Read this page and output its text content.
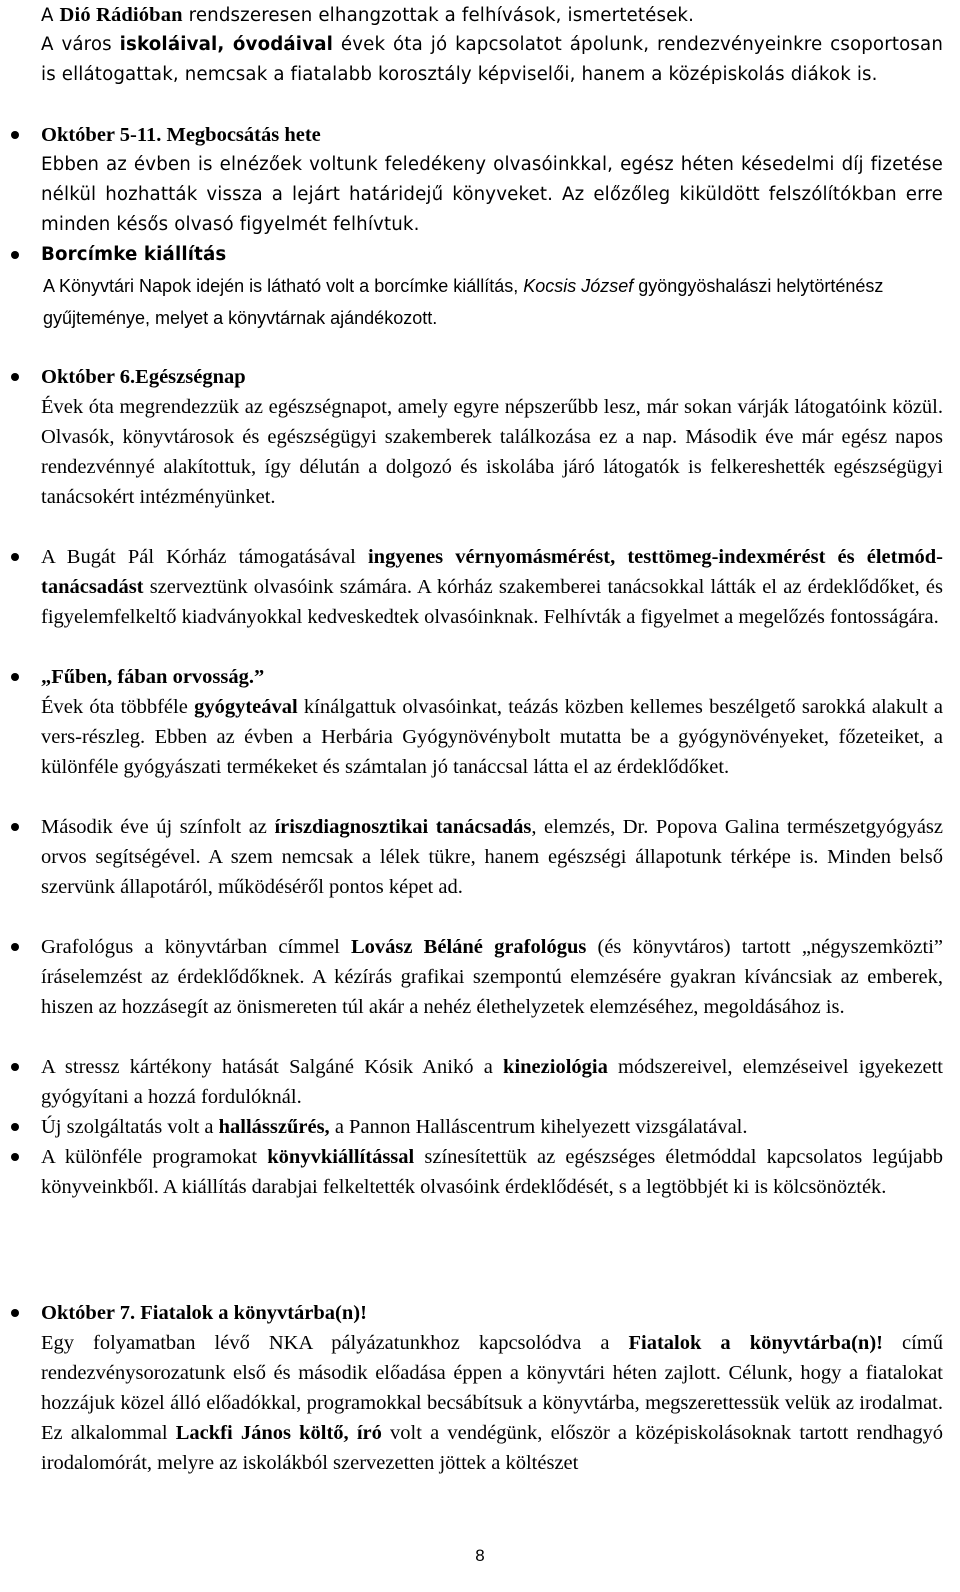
A Dió Rádióban rendszeresen elhangzottak a felhívások, ismertetések.

A város iskoláival, óvodáival évek óta jó kapcsolatot ápolunk, rendezvényeinkre csoportosan is ellátogattak, nemcsak a fiatalabb korosztály képviselői, hanem a középiskolás diákok is.

Október 5-11. Megbocsátás hete

Ebben az évben is elnézőek voltunk feledékeny olvasóinkkal, egész héten késedelmi díj fizetése nélkül hozhatták vissza a lejárt határidejű könyveket. Az előzőleg kiküldött felszólítókban erre minden késős olvasó figyelmét felhívtuk.

Borcímke kiállítás

A Könyvtári Napok idején is látható volt a borcímke kiállítás, Kocsis József gyöngyöshalászi helytörténész gyűjteménye, melyet a könyvtárnak ajándékozott.

Október 6.Egészségnap

Évek óta megrendezzük az egészségnapot, amely egyre népszerűbb lesz, már sokan várják látogatóink közül. Olvasók, könyvtárosok és egészségügyi szakemberek találkozása ez a nap. Második éve már egész napos rendezvénnyé alakítottuk, így délután a dolgozó és iskolába járó látogatók is felkereshették egészségügyi tanácsokért intézményünket.

A Bugát Pál Kórház támogatásával ingyenes vérnyomásmérést, testtömeg-indexmérést és életmód-tanácsadást szerveztünk olvasóink számára. A kórház szakemberei tanácsokkal látták el az érdeklődőket, és figyelemfelkeltő kiadványokkal kedveskedtek olvasóinknak. Felhívták a figyelmet a megelőzés fontosságára.

„Fűben, fában orvosság.”

Évek óta többféle gyógyteával kínálgattuk olvasóinkat, teázás közben kellemes beszélgető sarokká alakult a vers-részleg. Ebben az évben a Herbária Gyógynövénybolt mutatta be a gyógynövényeket, főzeteiket, a különféle gyógyászati termékeket és számtalan jó tanáccsal látta el az érdeklődőket.

Második éve új színfolt az íriszdiagnosztikai tanácsadás, elemzés, Dr. Popova Galina természetgyógyász orvos segítségével. A szem nemcsak a lélek tükre, hanem egészségi állapotunk térképe is. Minden belső szervünk állapotáról, működéséről pontos képet ad.

Grafológus a könyvtárban címmel Lovász Béláné grafológus (és könyvtáros) tartott „négyszemközti” íráselemzést az érdeklődőknek. A kézírás grafikai szempontú elemzésére gyakran kíváncsiak az emberek, hiszen az hozzásegít az önismereten túl akár a nehéz élethelyzetek elemzéséhez, megoldásához is.

A stressz kártékony hatását Salgáné Kósik Anikó a kineziológia módszereivel, elemzéseivel igyekezett gyógyítani a hozzá fordulóknál.

Új szolgáltatás volt a hallásszűrés, a Pannon Halláscentrum kihelyezett vizsgálatával.

A különféle programokat könyvkiállítással színesítettük az egészséges életmóddal kapcsolatos legújabb könyveinkből. A kiállítás darabjai felkeltették olvasóink érdeklődését, s a legtöbbjét ki is kölcsönözték.

Október 7. Fiatalok a könyvtárba(n)!

Egy folyamatban lévő NKA pályázatunkhoz kapcsolódva a Fiatalok a könyvtárba(n)! című rendezvénysorozatunk első és második előadása éppen a könyvtári héten zajlott. Célunk, hogy a fiatalokat hozzájuk közel álló előadókkal, programokkal becsábítsuk a könyvtárba, megszerettessük velük az irodalmat. Ez alkalommal Lackfi János költő, író volt a vendégünk, először a középiskolásoknak tartott rendhagyó irodalomórát, melyre az iskolákból szervezetten jöttek a költészet

8
